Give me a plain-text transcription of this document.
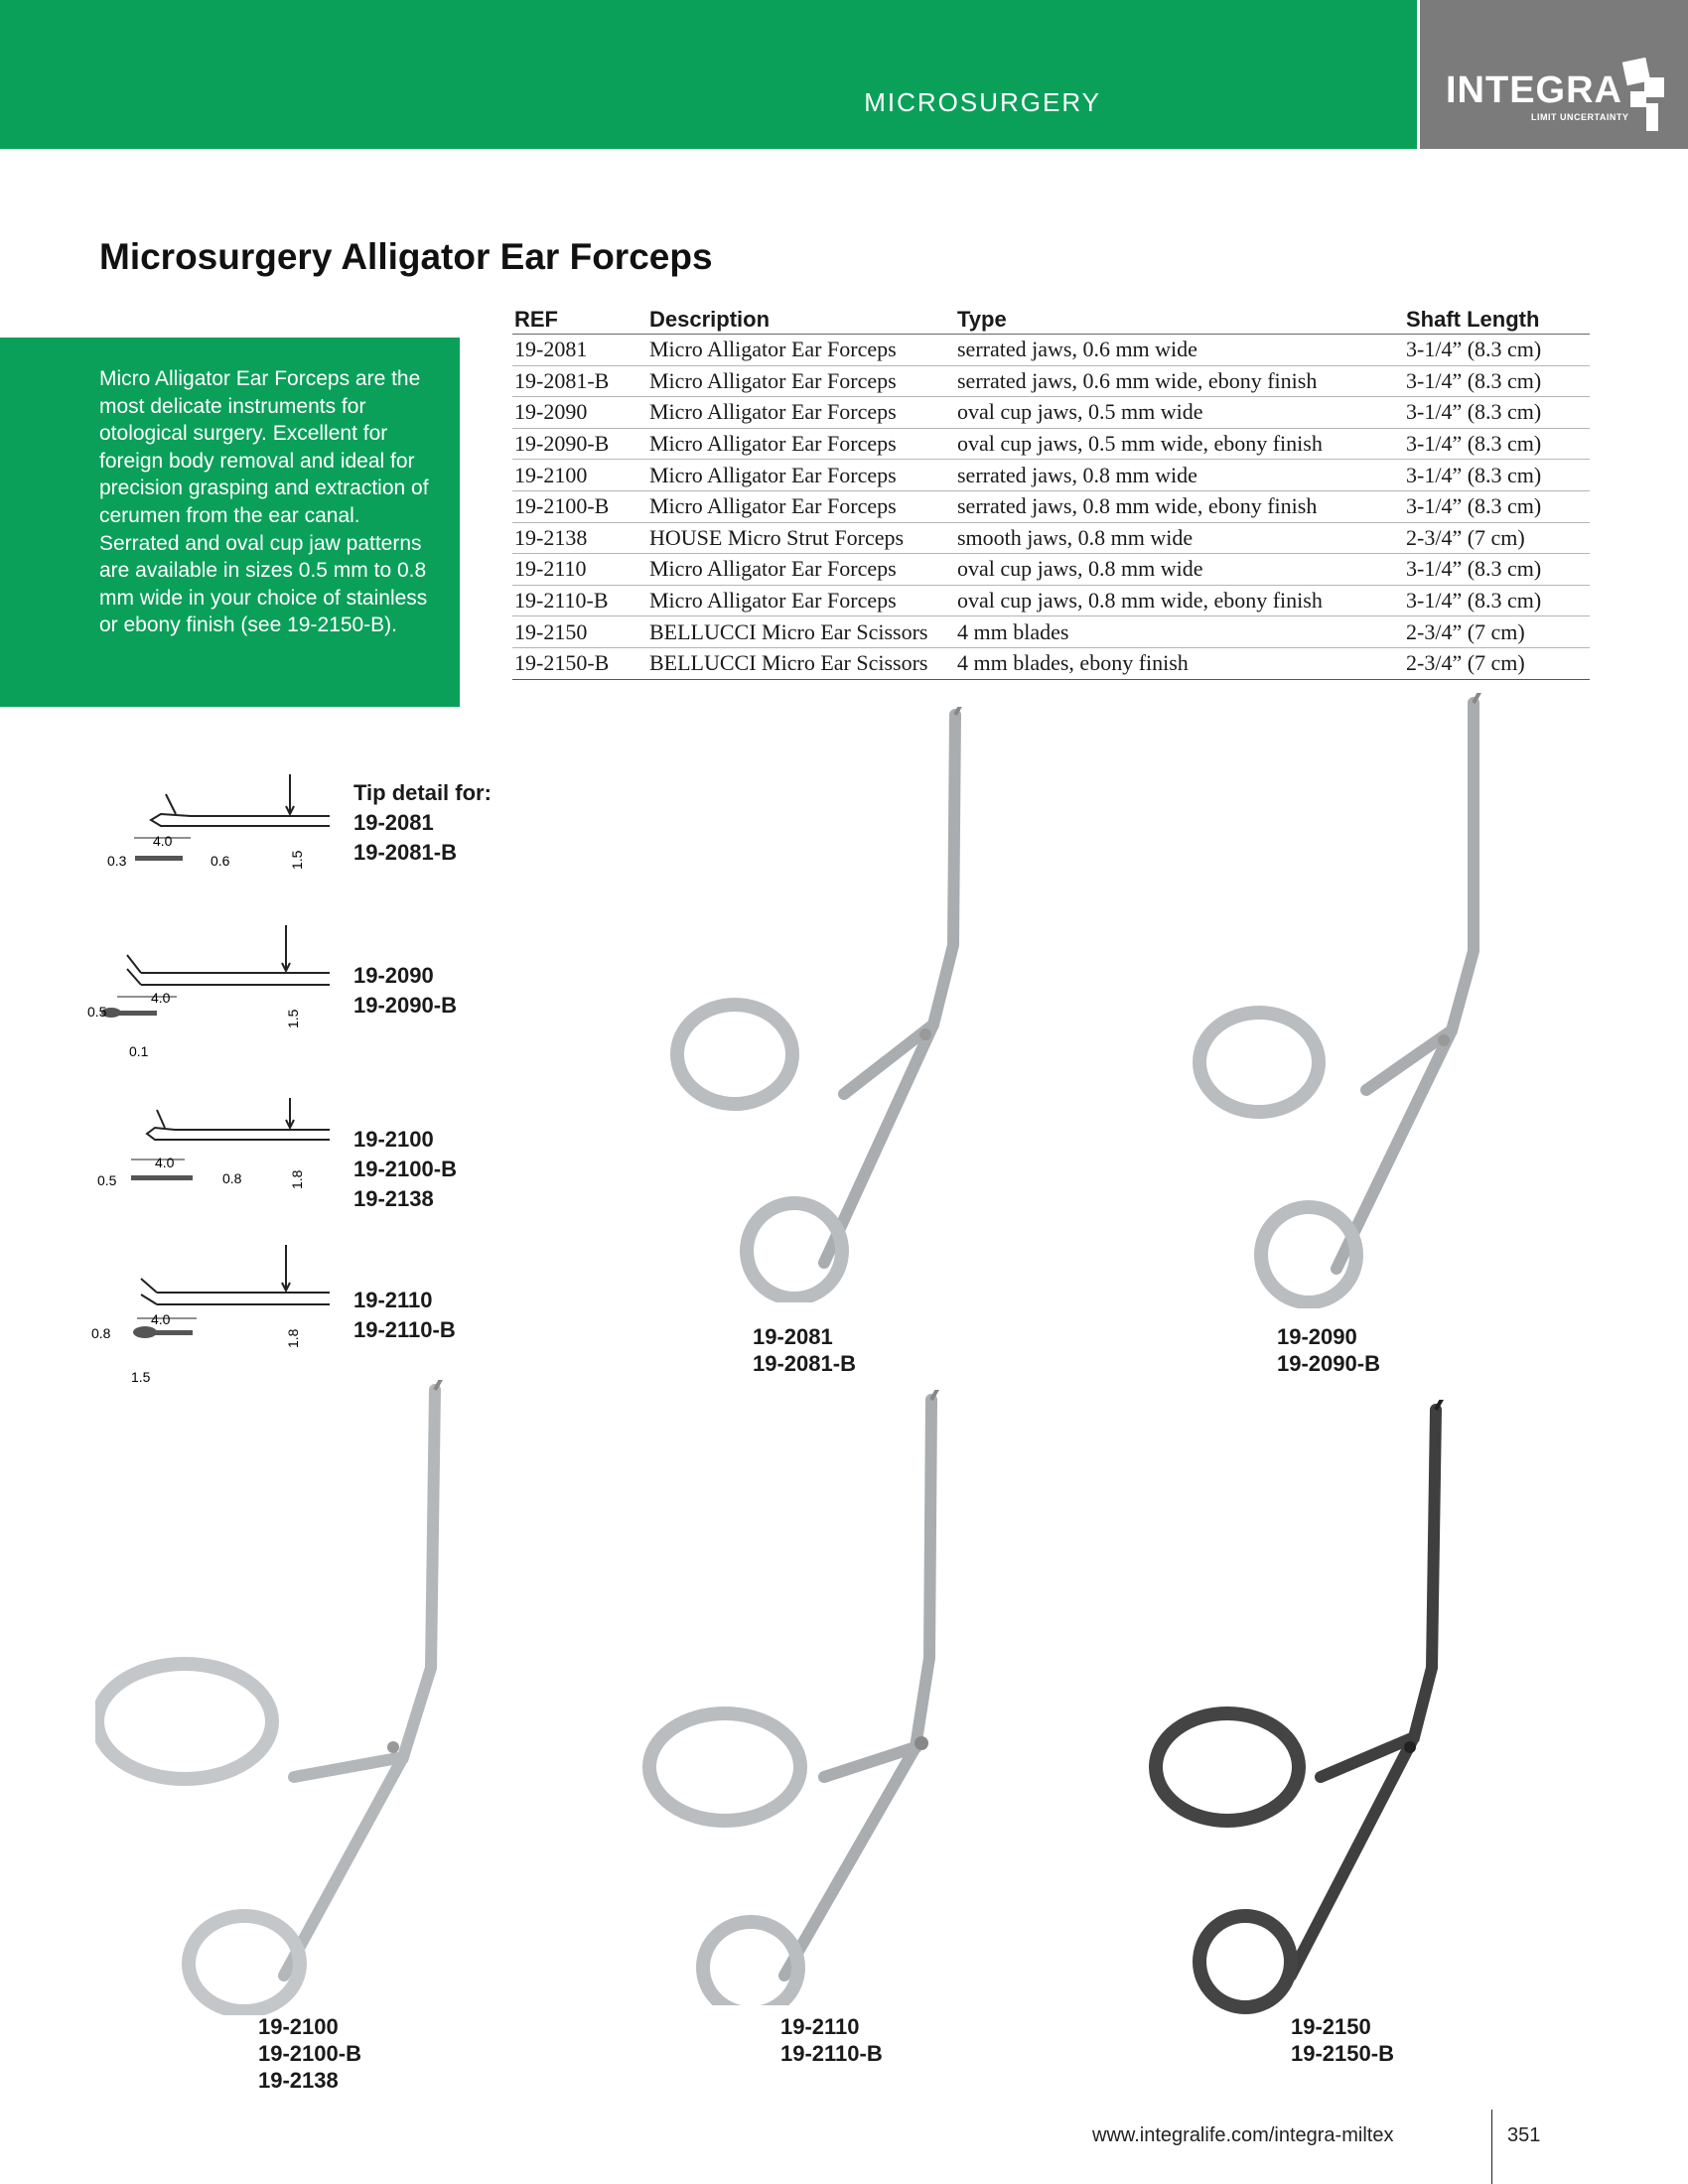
MICROSURGERY	INTEGRA
LIMIT UNCERTAINTY
Microsurgery Alligator Ear Forceps
Micro Alligator Ear Forceps are the most delicate instruments for otological surgery. Excellent for foreign body removal and ideal for precision grasping and extraction of cerumen from the ear canal. Serrated and oval cup jaw patterns are available in sizes 0.5 mm to 0.8 mm wide in your choice of stainless or ebony finish (see 19-2150-B).
REF	Description	Type	Shaft Length
19-2081	Micro Alligator Ear Forceps	serrated jaws, 0.6 mm wide	3-1/4” (8.3 cm)
19-2081-B	Micro Alligator Ear Forceps	serrated jaws, 0.6 mm wide, ebony finish	3-1/4” (8.3 cm)
19-2090	Micro Alligator Ear Forceps	oval cup jaws, 0.5 mm wide	3-1/4” (8.3 cm)
19-2090-B	Micro Alligator Ear Forceps	oval cup jaws, 0.5 mm wide, ebony finish	3-1/4” (8.3 cm)
19-2100	Micro Alligator Ear Forceps	serrated jaws, 0.8 mm wide	3-1/4” (8.3 cm)
19-2100-B	Micro Alligator Ear Forceps	serrated jaws, 0.8 mm wide, ebony finish	3-1/4” (8.3 cm)
19-2138	HOUSE Micro Strut Forceps	smooth jaws, 0.8 mm wide	2-3/4” (7 cm)
19-2110	Micro Alligator Ear Forceps	oval cup jaws, 0.8 mm wide	3-1/4” (8.3 cm)
19-2110-B	Micro Alligator Ear Forceps	oval cup jaws, 0.8 mm wide, ebony finish	3-1/4” (8.3 cm)
19-2150	BELLUCCI Micro Ear Scissors	4 mm blades	2-3/4” (7 cm)
19-2150-B	BELLUCCI Micro Ear Scissors	4 mm blades, ebony finish	2-3/4” (7 cm)
Tip detail for:
19-2081
19-2081-B
4.0
0.3	0.6	1.5
19-2090
19-2090-B
4.0
0.5
0.1
1.5
19-2100
19-2100-B
19-2138
4.0
0.5	0.8	1.8
19-2110
19-2110-B
4.0
0.8
1.5
1.8	19-2081
19-2081-B
19-2090
19-2090-B
19-2100
19-2100-B
19-2138
19-2110
19-2110-B
19-2150
19-2150-B
www.integralife.com/integra-miltex	351
